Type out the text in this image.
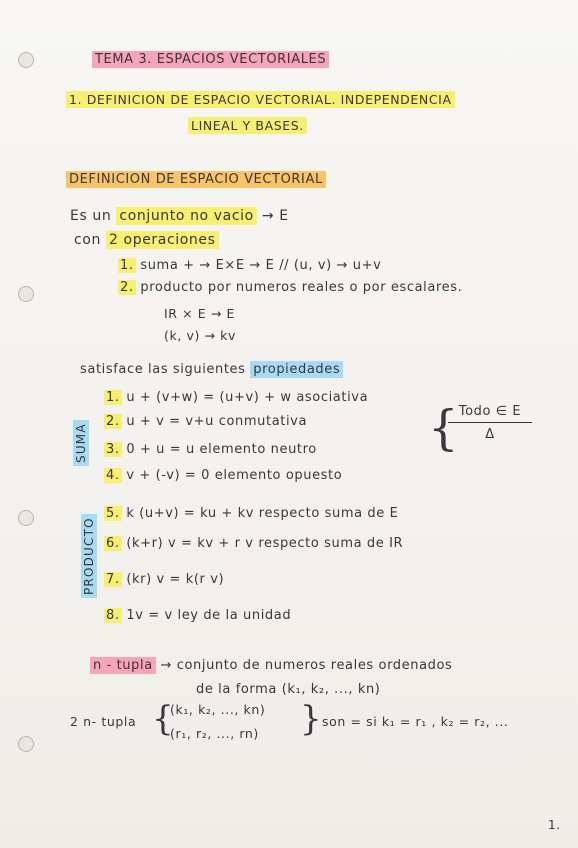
TEMA 3. ESPACIOS VECTORIALES
1. DEFINICION DE ESPACIO VECTORIAL. INDEPENDENCIA
LINEAL Y BASES.
DEFINICION DE ESPACIO VECTORIAL
Es un conjunto no vacio → E
con 2 operaciones
1. suma + → E×E → E // (u, v) → u+v
2. producto por numeros reales o por escalares.
IR × E → E
(k, v) → kv
satisface las siguientes propiedades
SUMA
PRODUCTO
1. u + (v+w) = (u+v) + w asociativa
2. u + v = v+u conmutativa
3. 0 + u = u elemento neutro
4. v + (-v) = 0 elemento opuesto
5. k (u+v) = ku + kv respecto suma de E
6. (k+r) v = kv + r v respecto suma de IR
7. (kr) v = k(r v)
8. 1v = v ley de la unidad
{ Todo ∈ E
Δ
n - tupla → conjunto de numeros reales ordenados
de la forma (k₁, k₂, ..., kn)
2 n- tupla {
(k₁, k₂, ..., kn)
(r₁, r₂, ..., rn) } son = si k₁ = r₁ , k₂ = r₂, ...
1.
